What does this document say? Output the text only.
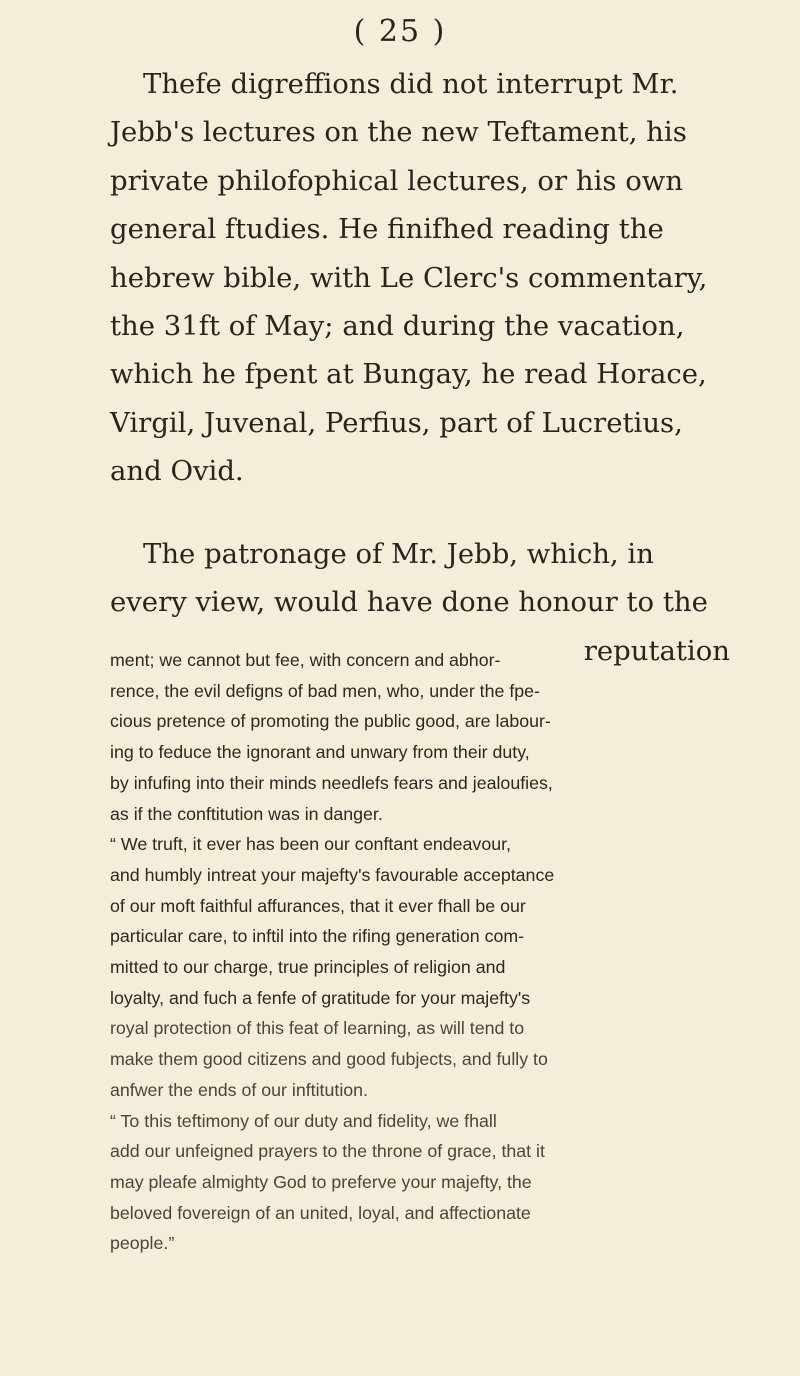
( 25 )
Thefe digreffions did not interrupt Mr.
Jebb's lectures on the new Teftament, his
private philofophical lectures, or his own
general ftudies. He finifhed reading the
hebrew bible, with Le Clerc's commentary,
the 31ft of May; and during the vacation,
which he fpent at Bungay, he read Horace,
Virgil, Juvenal, Perfius, part of Lucretius,
and Ovid.
The patronage of Mr. Jebb, which, in
every view, would have done honour to the
reputation
ment; we cannot but fee, with concern and abhor-
rence, the evil defigns of bad men, who, under the fpe-
cious pretence of promoting the public good, are labour-
ing to feduce the ignorant and unwary from their duty,
by infufing into their minds needlefs fears and jealoufies,
as if the conftitution was in danger.
“ We truft, it ever has been our conftant endeavour,
and humbly intreat your majefty's favourable acceptance
of our moft faithful affurances, that it ever fhall be our
particular care, to inftil into the rifing generation com-
mitted to our charge, true principles of religion and
loyalty, and fuch a fenfe of gratitude for your majefty's
royal protection of this feat of learning, as will tend to
make them good citizens and good fubjects, and fully to
anfwer the ends of our inftitution.
“ To this teftimony of our duty and fidelity, we fhall
add our unfeigned prayers to the throne of grace, that it
may pleafe almighty God to preferve your majefty, the
beloved fovereign of an united, loyal, and affectionate
people.”
